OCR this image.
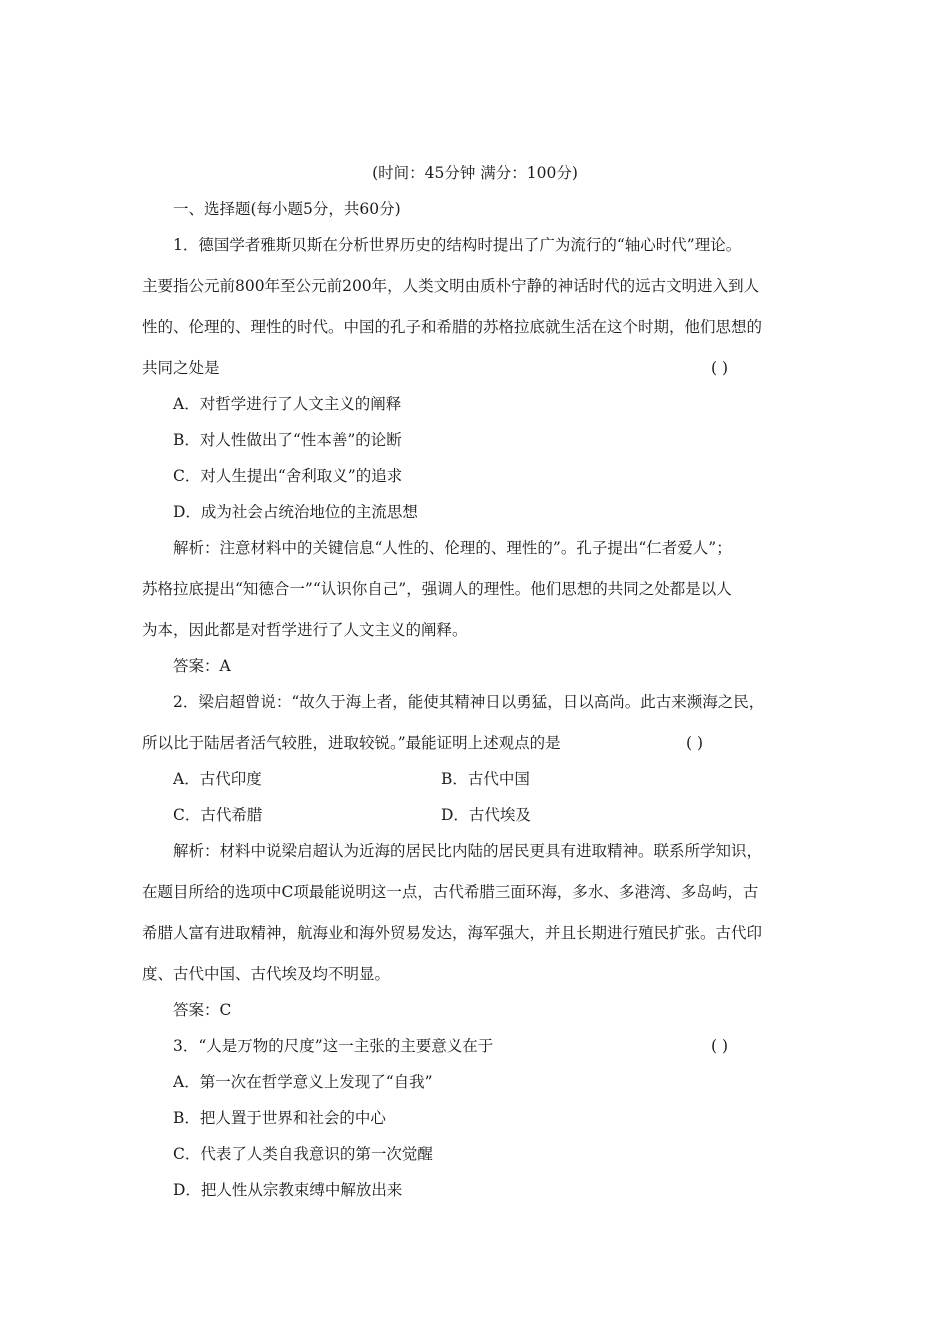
(时间：45分钟 满分：100分)

一、选择题(每小题5分，共60分)

1．德国学者雅斯贝斯在分析世界历史的结构时提出了广为流行的“轴心时代”理论。

主要指公元前800年至公元前200年，人类文明由质朴宁静的神话时代的远古文明进入到人

性的、伦理的、理性的时代。中国的孔子和希腊的苏格拉底就生活在这个时期，他们思想的

共同之处是	( )

A．对哲学进行了人文主义的阐释

B．对人性做出了“性本善”的论断

C．对人生提出“舍利取义”的追求

D．成为社会占统治地位的主流思想

解析：注意材料中的关键信息“人性的、伦理的、理性的”。孔子提出“仁者爱人”；

苏格拉底提出“知德合一”“认识你自己”，强调人的理性。他们思想的共同之处都是以人

为本，因此都是对哲学进行了人文主义的阐释。

答案：A

2．梁启超曾说：“故久于海上者，能使其精神日以勇猛，日以高尚。此古来濒海之民，

所以比于陆居者活气较胜，进取较锐。”最能证明上述观点的是	( )

A．古代印度	B．古代中国

C．古代希腊	D．古代埃及

解析：材料中说梁启超认为近海的居民比内陆的居民更具有进取精神。联系所学知识，

在题目所给的选项中C项最能说明这一点，古代希腊三面环海，多水、多港湾、多岛屿，古

希腊人富有进取精神，航海业和海外贸易发达，海军强大，并且长期进行殖民扩张。古代印

度、古代中国、古代埃及均不明显。

答案：C

3．“人是万物的尺度”这一主张的主要意义在于	( )

A．第一次在哲学意义上发现了“自我”

B．把人置于世界和社会的中心

C．代表了人类自我意识的第一次觉醒

D．把人性从宗教束缚中解放出来
